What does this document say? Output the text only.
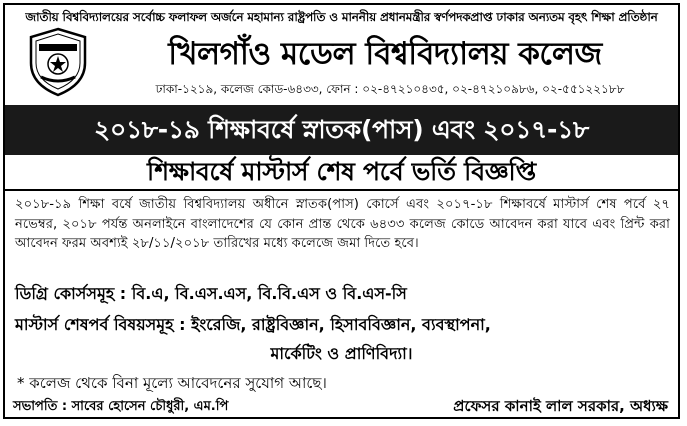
জাতীয় বিশ্ববিদ্যালয়ের সর্বোচ্চ ফলাফল অর্জনে মহামান্য রাষ্ট্রপতি ও মাননীয় প্রধানমন্ত্রীর স্বর্ণপদকপ্রাপ্ত ঢাকার অন্যতম বৃহৎ শিক্ষা প্রতিষ্ঠান
খিলগাঁও মডেল বিশ্ববিদ্যালয় কলেজ
ঢাকা-১২১৯, কলেজ কোড-৬৪৩৩, ফোন : ০২-৪৭২১০৪৩৫, ০২-৪৭২১০৯৮৬, ০২-৫৫১২২১৮৮
২০১৮-১৯ শিক্ষাবর্ষে স্নাতক(পাস) এবং ২০১৭-১৮
শিক্ষাবর্ষে মাস্টার্স শেষ পর্বে ভর্তি বিজ্ঞপ্তি
২০১৮-১৯ শিক্ষা বর্ষে জাতীয় বিশ্ববিদ্যালয় অধীনে স্নাতক(পাস) কোর্সে এবং ২০১৭-১৮ শিক্ষাবর্ষে মাস্টার্স শেষ পর্বে ২৭ নভেম্বর, ২০১৮ পর্যন্ত অনলাইনে বাংলাদেশের যে কোন প্রান্ত থেকে ৬৪৩৩ কলেজ কোডে আবেদন করা যাবে এবং প্রিন্ট করা আবেদন ফরম অবশ্যই ২৮/১১/২০১৮ তারিখের মধ্যে কলেজে জমা দিতে হবে।
ডিগ্রি কোর্সসমূহ : বি.এ, বি.এস.এস, বি.বি.এস ও বি.এস-সি
মাস্টার্স শেষপর্ব বিষয়সমূহ : ইংরেজি, রাষ্ট্রবিজ্ঞান, হিসাববিজ্ঞান, ব্যবস্থাপনা,
মার্কেটিং ও প্রাণিবিদ্যা।
* কলেজ থেকে বিনা মূল্যে আবেদনের সুযোগ আছে।
সভাপতি : সাবের হোসেন চৌধুরী, এম.পি	প্রফেসর কানাই লাল সরকার, অধ্যক্ষ
